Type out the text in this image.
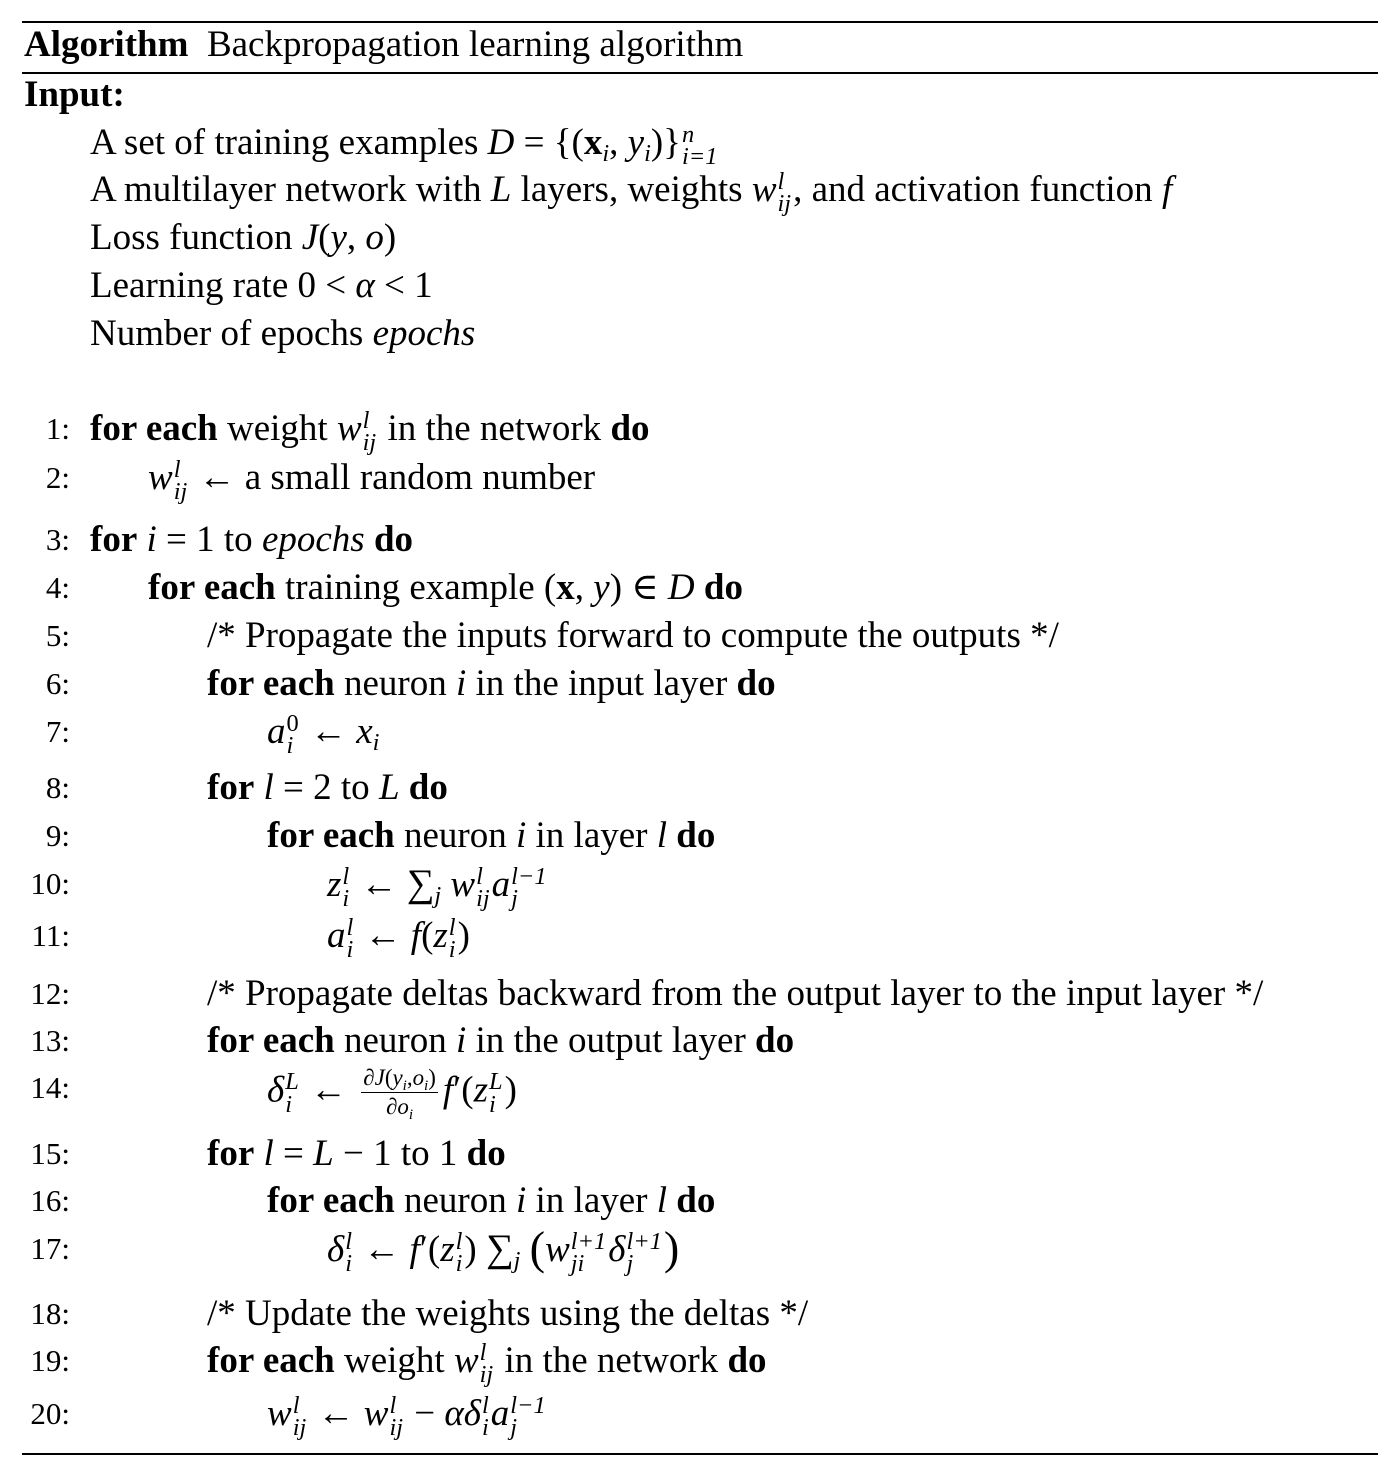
Algorithm Backpropagation learning algorithm
Input:
A set of training examples $D = \{(x_i$, $y_i$)} n
i=1
A multilayer network with L layers, weights w l
ij , and activation function f
Loss function J(y, o)
Learning rate 0 < α < 1
Number of epochs epochs
1:
2:
3:
4:
5:
6:
7:
8:
9:
10:
11:
12:
13:
14:
15:
16:
17:
18:
19:
20:
for each weight w l
ij in the network do
w l
ij ← a small random number
for i = 1 to epochs do
for each training example (x, y) ∈ D do
/* Propagate the inputs forward to compute the outputs */
for each neuron i in the input layer do
a 0
i ← $x_i$
for l = 2 to L do
for each neuron i in layer l do
z l
i ← $\sum_j$ w l
ij a l−1
j
a l
i ← f(z l
i )
/* Propagate deltas backward from the output layer to the input layer */
for each neuron i in the output layer do
δ L
i ← $\frac{\partial J(y_i,o_i)}{\partial o_i} f'(z$ L
i )
for l = L − 1 to 1 do
for each neuron i in layer l do
δ l
i ← f′(z l
i ) $\sum_j$ (w l+1
ji δ l+1
j )
/* Update the weights using the deltas */
for each weight w l
ij in the network do
w l
ij ← w l
ij − αδ l
i a l−1
j
